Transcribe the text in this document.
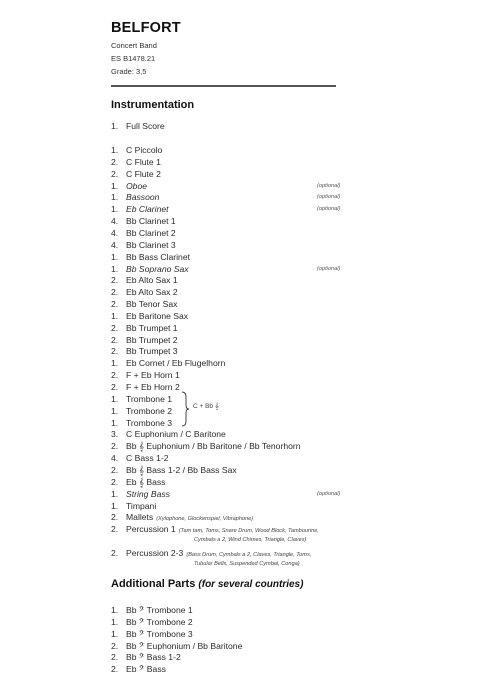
BELFORT
Concert Band
ES B1478.21
Grade: 3,5
Instrumentation
1. Full Score
1. C Piccolo
2. C Flute 1
2. C Flute 2
1. Oboe	(optional)
1. Bassoon	(optional)
1. Eb Clarinet	(optional)
4. Bb Clarinet 1
4. Bb Clarinet 2
4. Bb Clarinet 3
1. Bb Bass Clarinet
1. Bb Soprano Sax	(optional)
2. Eb Alto Sax 1
2. Eb Alto Sax 2
2. Bb Tenor Sax
1. Eb Baritone Sax
2. Bb Trumpet 1
2. Bb Trumpet 2
2. Bb Trumpet 3
1. Eb Cornet / Eb Flugelhorn
2. F + Eb Horn 1
2. F + Eb Horn 2
1. Trombone 1
1. Trombone 2
1. Trombone 3
3. C Euphonium / C Baritone
2. Bb 𝄞 Euphonium / Bb Baritone / Bb Tenorhorn
4. C Bass 1-2
2. Bb 𝄞 Bass 1-2 / Bb Bass Sax
2. Eb 𝄞 Bass
1. String Bass	(optional)
1. Timpani
2. Mallets (Xylophone, Glockenspiel, Vibraphone)
2. Percussion 1 (Tam tam, Toms, Snare Drum, Wood Block, Tambourine,
Cymbals a 2, Wind Chimes, Triangle, Claves)
2. Percussion 2-3 (Bass Drum, Cymbals a 2, Claves, Triangle, Toms,
Tubular Bells, Suspended Cymbal, Conga)
C + Bb 𝄞
Additional Parts (for several countries)
1. Bb 𝄢 Trombone 1
1. Bb 𝄢 Trombone 2
1. Bb 𝄢 Trombone 3
2. Bb 𝄢 Euphonium / Bb Baritone
2. Bb 𝄢 Bass 1-2
2. Eb 𝄢 Bass
